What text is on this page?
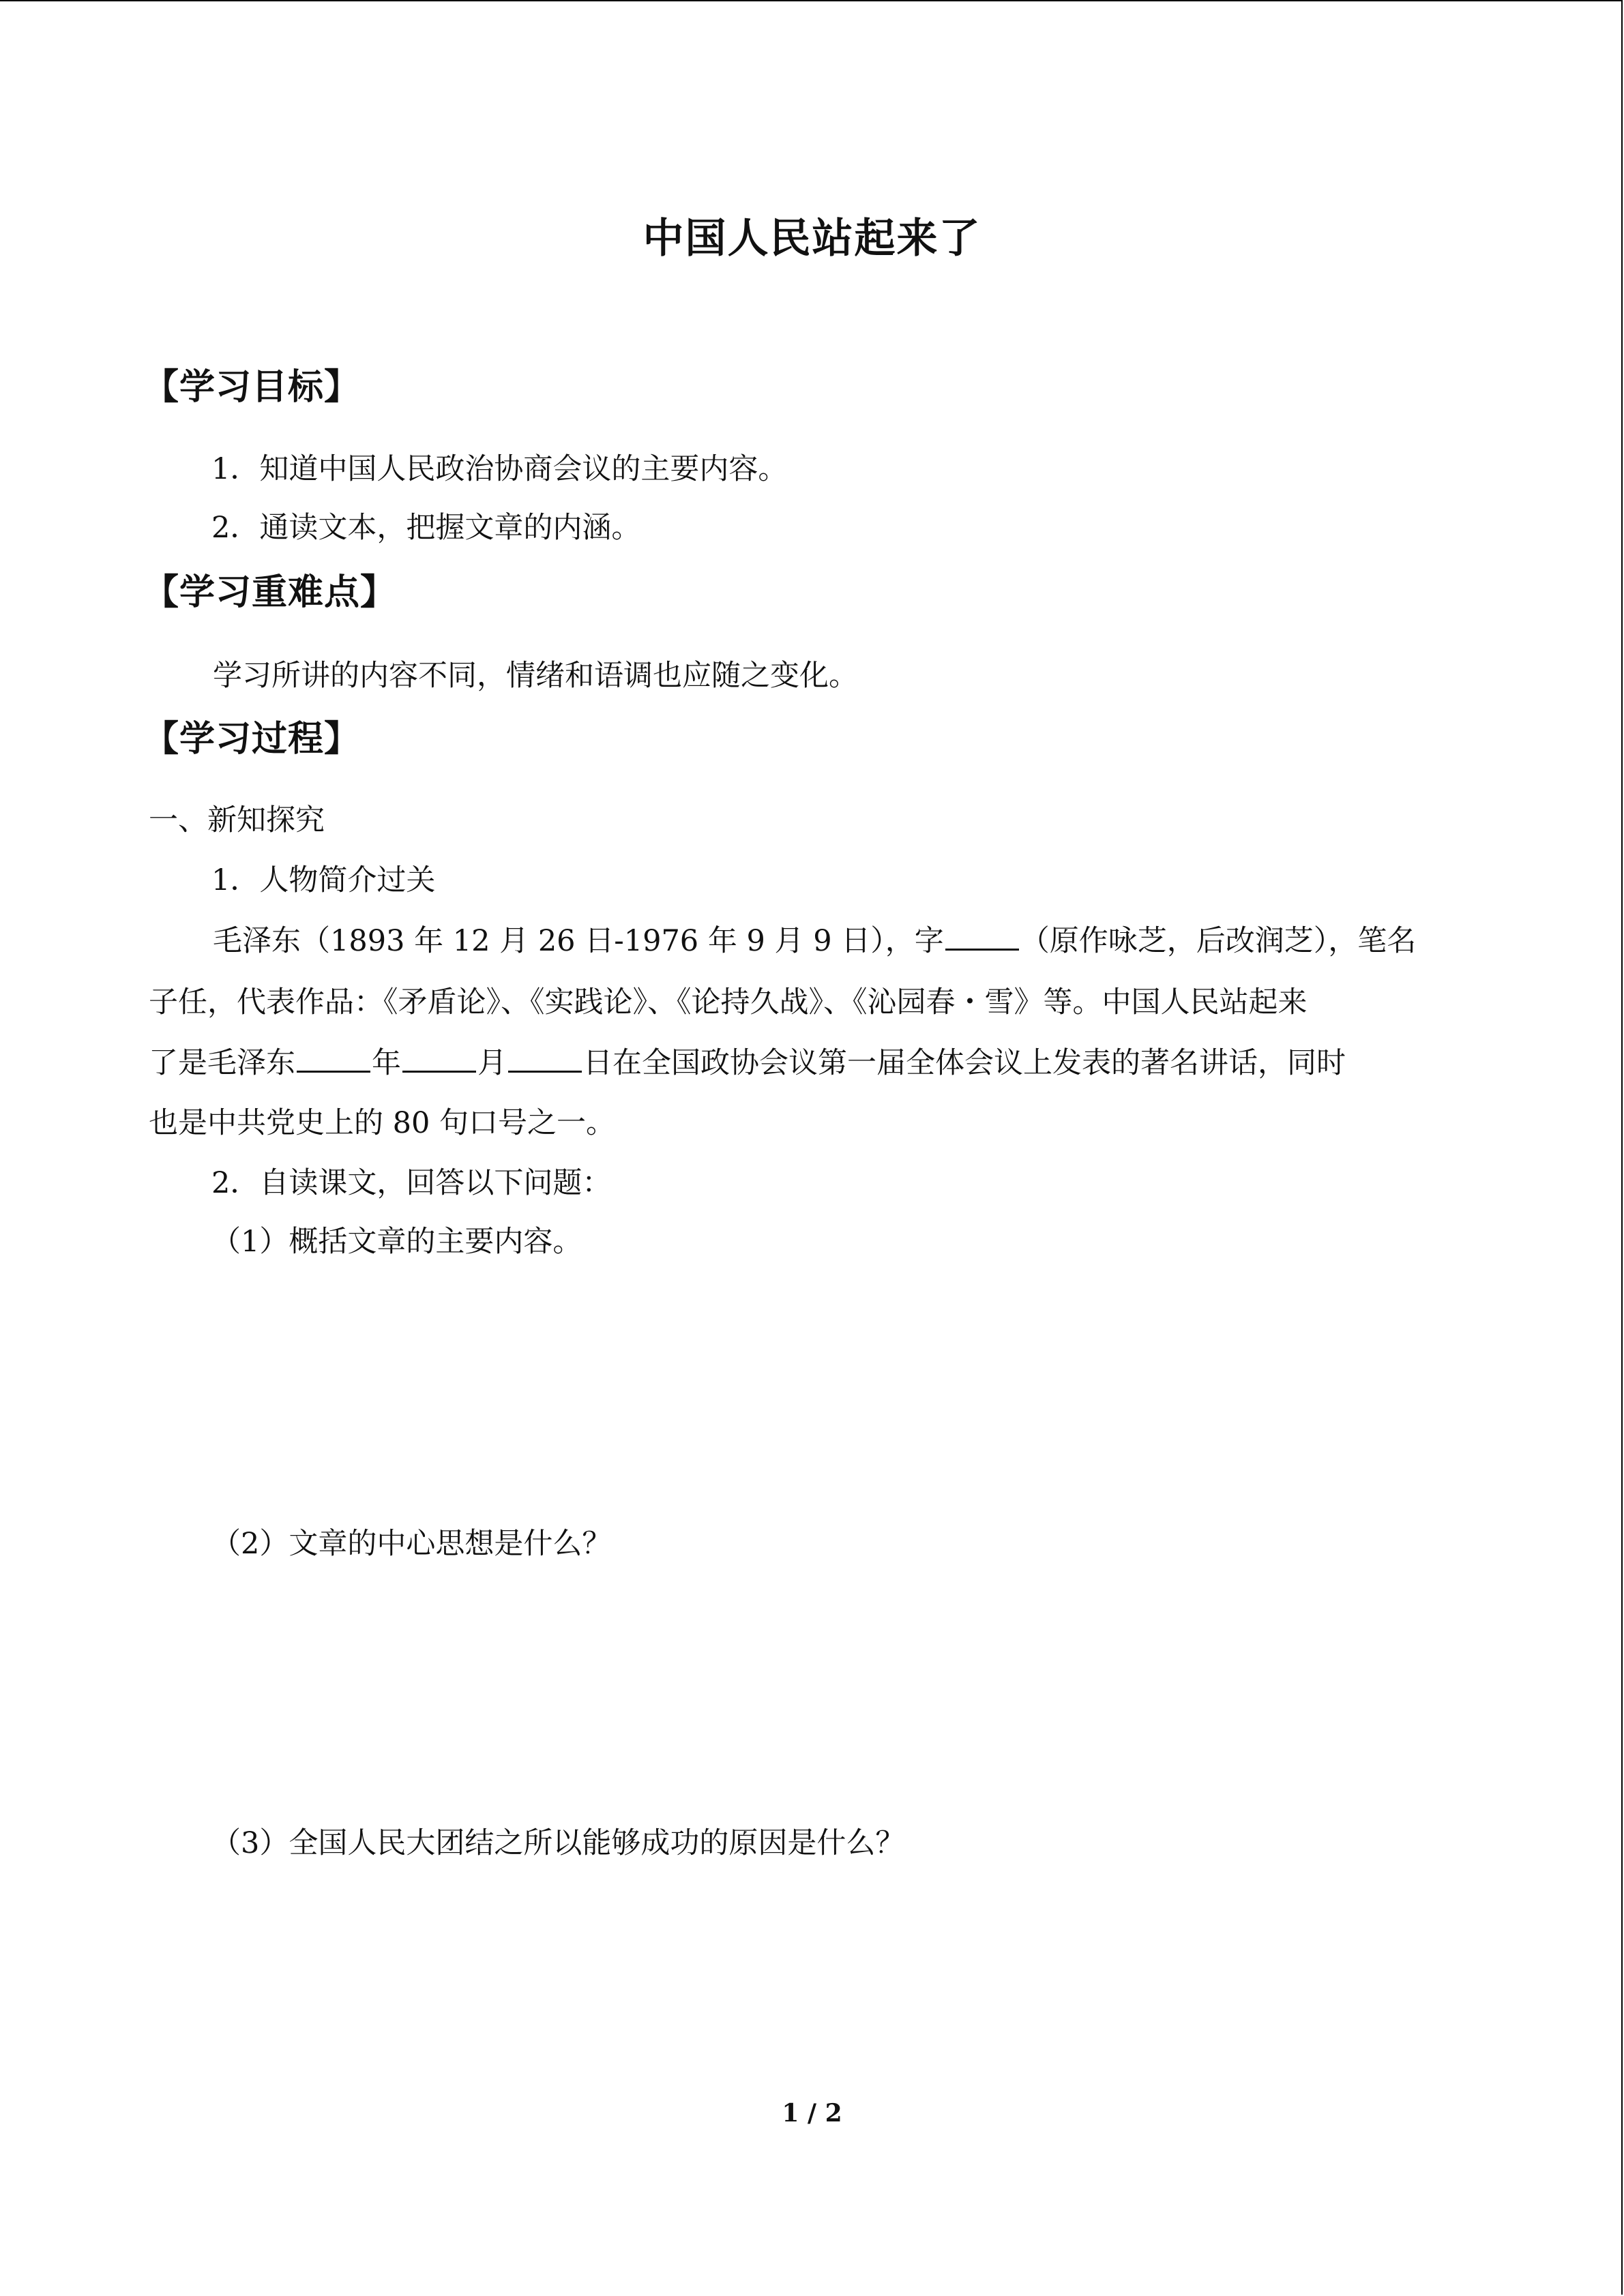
中国人民站起来了
【学习目标】
1．知道中国人民政治协商会议的主要内容。
2．通读文本，把握文章的内涵。
【学习重难点】
学习所讲的内容不同，情绪和语调也应随之变化。
【学习过程】
一、新知探究
1．人物简介过关
毛泽东（1893 年 12 月 26 日-1976 年 9 月 9 日），字	（原作咏芝，后改润芝），笔名
子任，代表作品：《矛盾论》、《实践论》、《论持久战》、《沁园春・雪》等。中国人民站起来
了是毛泽东	年	月	日在全国政协会议第一届全体会议上发表的著名讲话，同时
也是中共党史上的 80 句口号之一。
2．自读课文，回答以下问题：
（1）概括文章的主要内容。
（2）文章的中心思想是什么？
（3）全国人民大团结之所以能够成功的原因是什么？
1 / 2
